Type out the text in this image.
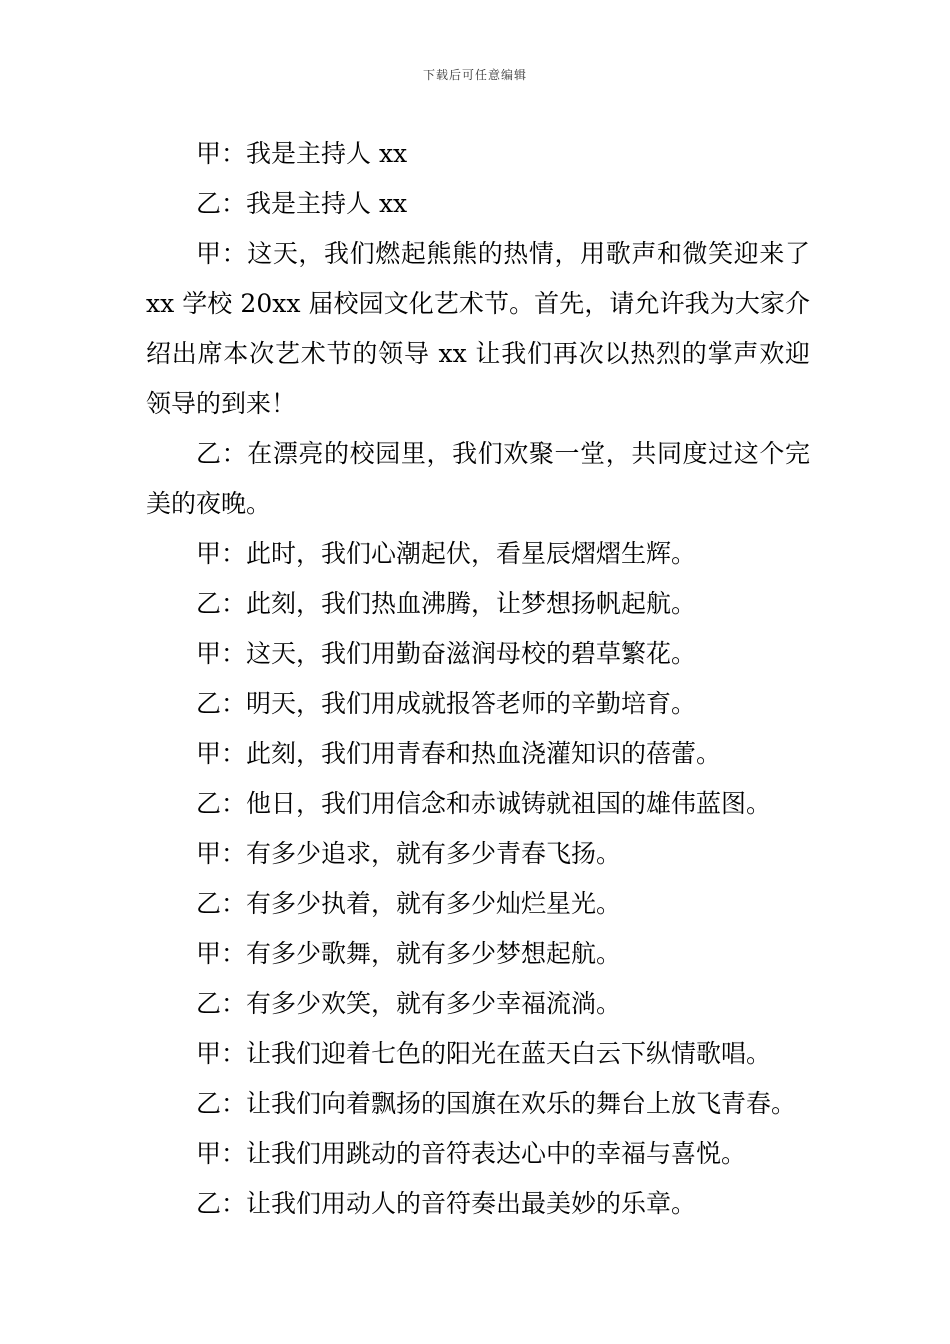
下载后可任意编辑

甲：我是主持人 xx

乙：我是主持人 xx

甲：这天，我们燃起熊熊的热情，用歌声和微笑迎来了 xx 学校 20xx 届校园文化艺术节。首先，请允许我为大家介绍出席本次艺术节的领导 xx 让我们再次以热烈的掌声欢迎领导的到来！

乙：在漂亮的校园里，我们欢聚一堂，共同度过这个完美的夜晚。

甲：此时，我们心潮起伏，看星辰熠熠生辉。

乙：此刻，我们热血沸腾，让梦想扬帆起航。

甲：这天，我们用勤奋滋润母校的碧草繁花。

乙：明天，我们用成就报答老师的辛勤培育。

甲：此刻，我们用青春和热血浇灌知识的蓓蕾。

乙：他日，我们用信念和赤诚铸就祖国的雄伟蓝图。

甲：有多少追求，就有多少青春飞扬。

乙：有多少执着，就有多少灿烂星光。

甲：有多少歌舞，就有多少梦想起航。

乙：有多少欢笑，就有多少幸福流淌。

甲：让我们迎着七色的阳光在蓝天白云下纵情歌唱。

乙：让我们向着飘扬的国旗在欢乐的舞台上放飞青春。

甲：让我们用跳动的音符表达心中的幸福与喜悦。

乙：让我们用动人的音符奏出最美妙的乐章。
